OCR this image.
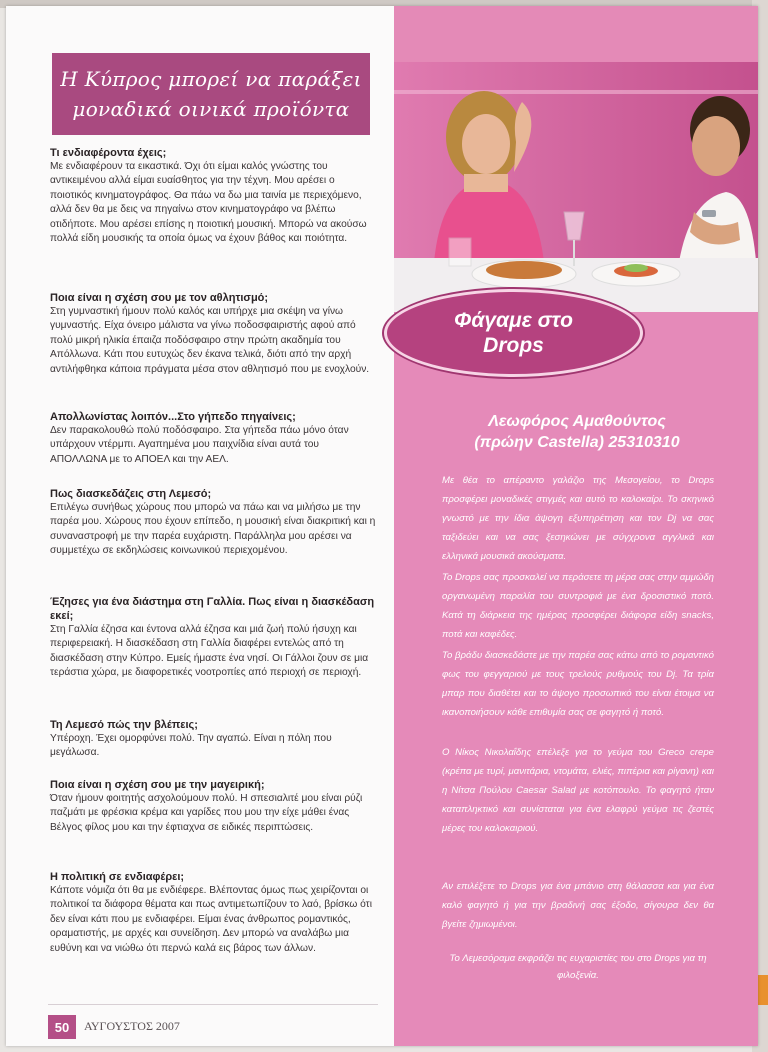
Η Κύπρος μπορεί να παράξει
μοναδικά οινικά προϊόντα
Τι ενδιαφέροντα έχεις;

Με ενδιαφέρουν τα εικαστικά. Όχι ότι είμαι καλός γνώστης του αντικειμένου αλλά είμαι ευαίσθητος για την τέχνη. Μου αρέσει ο ποιοτικός κινηματογράφος. Θα πάω να δω μια ταινία με περιεχόμενο, αλλά δεν θα με δεις να πηγαίνω στον κινηματογράφο να βλέπω οτιδήποτε. Μου αρέσει επίσης η ποιοτική μουσική. Μπορώ να ακούσω πολλά είδη μουσικής τα οποία όμως να έχουν βάθος και ποιότητα.

Ποια είναι η σχέση σου με τον αθλητισμό;

Στη γυμναστική ήμουν πολύ καλός και υπήρχε μια σκέψη να γίνω γυμναστής. Είχα όνειρο μάλιστα να γίνω ποδοσφαιριστής αφού από πολύ μικρή ηλικία έπαιζα ποδόσφαιρο στην πρώτη ακαδημία του Απόλλωνα. Κάτι που ευτυχώς δεν έκανα τελικά, διότι από την αρχή αντιλήφθηκα κάποια πράγματα μέσα στον αθλητισμό που με ενοχλούν.

Απολλωνίστας λοιπόν...Στο γήπεδο πηγαίνεις;

Δεν παρακολουθώ πολύ ποδόσφαιρο. Στα γήπεδα πάω μόνο όταν υπάρχουν ντέρμπι. Αγαπημένα μου παιχνίδια είναι αυτά του ΑΠΟΛΛΩΝΑ με το ΑΠΟΕΛ και την ΑΕΛ.

Πως διασκεδάζεις στη Λεμεσό;

Επιλέγω συνήθως χώρους που μπορώ να πάω και να μιλήσω με την παρέα μου. Χώρους που έχουν επίπεδο, η μουσική είναι διακριτική και η συναναστροφή με την παρέα ευχάριστη. Παράλληλα μου αρέσει να συμμετέχω σε εκδηλώσεις κοινωνικού περιεχομένου.

Έζησες για ένα διάστημα στη Γαλλία. Πως είναι η διασκέδαση εκεί;

Στη Γαλλία έζησα και έντονα αλλά έζησα και μιά ζωή πολύ ήσυχη και περιφερειακή. Η διασκέδαση στη Γαλλία διαφέρει εντελώς από τη διασκέδαση στην Κύπρο. Εμείς ήμαστε ένα νησί. Οι Γάλλοι ζουν σε μια τεράστια χώρα, με διαφορετικές νοοτροπίες από περιοχή σε περιοχή.

Τη Λεμεσό πώς την βλέπεις;

Υπέροχη. Έχει ομορφύνει πολύ. Την αγαπώ. Είναι η πόλη που μεγάλωσα.

Ποια είναι η σχέση σου με την μαγειρική;

Όταν ήμουν φοιτητής ασχολούμουν πολύ. Η σπεσιαλιτέ μου είναι ρύζι παζμάτι με φρέσκια κρέμα και γαρίδες που μου την είχε μάθει ένας Βέλγος φίλος μου και την έφτιαχνα σε ειδικές περιπτώσεις.

Η πολιτική σε ενδιαφέρει;

Κάποτε νόμιζα ότι θα με ενδιέφερε. Βλέποντας όμως πως χειρίζονται οι πολιτικοί τα διάφορα θέματα και πως αντιμετωπίζουν το λαό, βρίσκω ότι δεν είναι κάτι που με ενδιαφέρει. Είμαι ένας άνθρωπος ρομαντικός, οραματιστής, με αρχές και συνείδηση. Δεν μπορώ να αναλάβω μια ευθύνη και να νιώθω ότι περνώ καλά εις βάρος των άλλων.

50	ΑΥΓΟΥΣΤΟΣ 2007
Φάγαμε στο
Drops
Λεωφόρος Αμαθούντος
(πρώην Castella) 25310310

Με θέα το απέραντο γαλάζιο της Μεσογείου, το Drops προσφέρει μοναδικές στιγμές και αυτό το καλοκαίρι. Το σκηνικό γνωστό με την ίδια άψογη εξυπηρέτηση και τον Dj να σας ταξιδεύει και να σας ξεσηκώνει με σύγχρονα αγγλικά και ελληνικά μουσικά ακούσματα.

Το Drops σας προσκαλεί να περάσετε τη μέρα σας στην αμμώδη οργανωμένη παραλία του συντροφιά με ένα δροσιστικό ποτό. Κατά τη διάρκεια της ημέρας προσφέρει διάφορα είδη snacks, ποτά και καφέδες.

Το βράδυ διασκεδάστε με την παρέα σας κάτω από το ρομαντικό φως του φεγγαριού με τους τρελούς ρυθμούς του Dj. Τα τρία μπαρ που διαθέτει και το άψογο προσωπικό του είναι έτοιμα να ικανοποιήσουν κάθε επιθυμία σας σε φαγητό ή ποτό.

Ο Νίκος Νικολαΐδης επέλεξε για το γεύμα του Greco crepe (κρέπα με τυρί, μανιτάρια, ντομάτα, ελιές, πιπέρια και ρίγανη) και η Νίτσα Πούλου Caesar Salad με κοτόπουλο. Το φαγητό ήταν καταπληκτικό και συνίσταται για ένα ελαφρύ γεύμα τις ζεστές μέρες του καλοκαιριού.

Αν επιλέξετε το Drops για ένα μπάνιο στη θάλασσα και για ένα καλό φαγητό ή για την βραδινή σας έξοδο, σίγουρα δεν θα βγείτε ζημιωμένοι.

Το Λεμεσόραμα εκφράζει τις ευχαριστίες του στο Drops για τη φιλοξενία.
